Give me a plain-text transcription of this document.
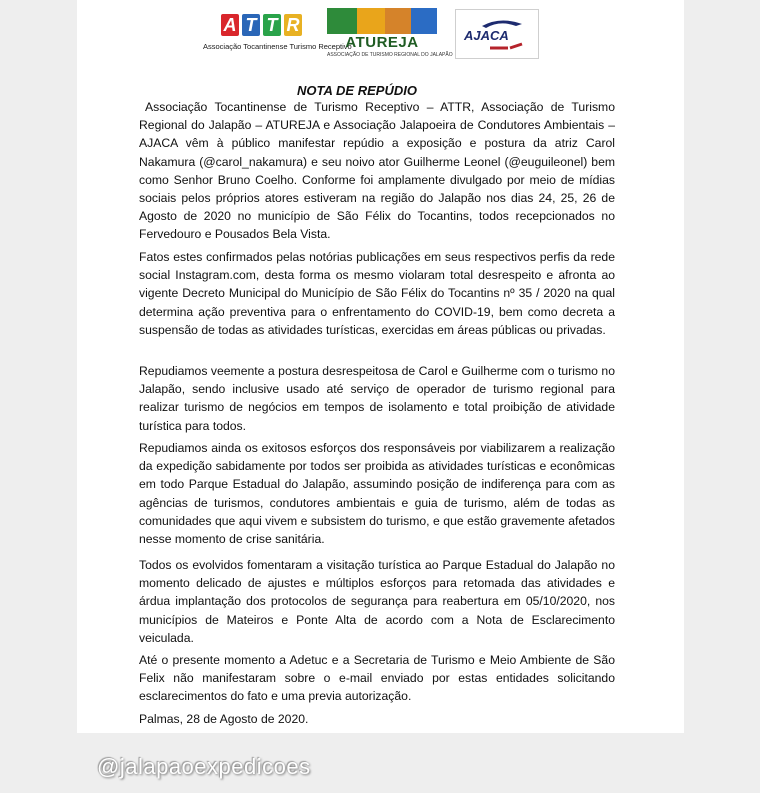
A T T R
Associação Tocantinense Turismo Receptivo
ATUREJA
ASSOCIAÇÃO DE TURISMO REGIONAL DO JALAPÃO
AJACA
NOTA DE REPÚDIO

Associação Tocantinense de Turismo Receptivo – ATTR, Associação de Turismo Regional do Jalapão – ATUREJA e Associação Jalapoeira de Condutores Ambientais – AJACA vêm à público manifestar repúdio a exposição e postura da atriz Carol Nakamura (@carol_nakamura) e seu noivo ator Guilherme Leonel (@euguileonel) bem como Senhor Bruno Coelho. Conforme foi amplamente divulgado por meio de mídias sociais pelos próprios atores estiveram na região do Jalapão nos dias 24, 25, 26 de Agosto de 2020 no município de São Félix do Tocantins, todos recepcionados no Fervedouro e Pousados Bela Vista.

Fatos estes confirmados pelas notórias publicações em seus respectivos perfis da rede social Instagram.com, desta forma os mesmo violaram total desrespeito e afronta ao vigente Decreto Municipal do Município de São Félix do Tocantins nº 35 / 2020 na qual determina ação preventiva para o enfrentamento do COVID-19, bem como decreta a suspensão de todas as atividades turísticas, exercidas em áreas públicas ou privadas.

Repudiamos veemente a postura desrespeitosa de Carol e Guilherme com o turismo no Jalapão, sendo inclusive usado até serviço de operador de turismo regional para realizar turismo de negócios em tempos de isolamento e total proibição de atividade turística para todos.

Repudiamos ainda os exitosos esforços dos responsáveis por viabilizarem a realização da expedição sabidamente por todos ser proibida as atividades turísticas e econômicas em todo Parque Estadual do Jalapão, assumindo posição de indiferença para com as agências de turismos, condutores ambientais e guia de turismo, além de todas as comunidades que aqui vivem e subsistem do turismo, e que estão gravemente afetados nesse momento de crise sanitária.

Todos os evolvidos fomentaram a visitação turística ao Parque Estadual do Jalapão no momento delicado de ajustes e múltiplos esforços para retomada das atividades e árdua implantação dos protocolos de segurança para reabertura em 05/10/2020, nos municípios de Mateiros e Ponte Alta de acordo com a Nota de Esclarecimento veiculada.

Até o presente momento a Adetuc e a Secretaria de Turismo e Meio Ambiente de São Felix não manifestaram sobre o e-mail enviado por estas entidades solicitando esclarecimentos do fato e uma previa autorização.

Palmas, 28 de Agosto de 2020.

@jalapaoexpedicoes
